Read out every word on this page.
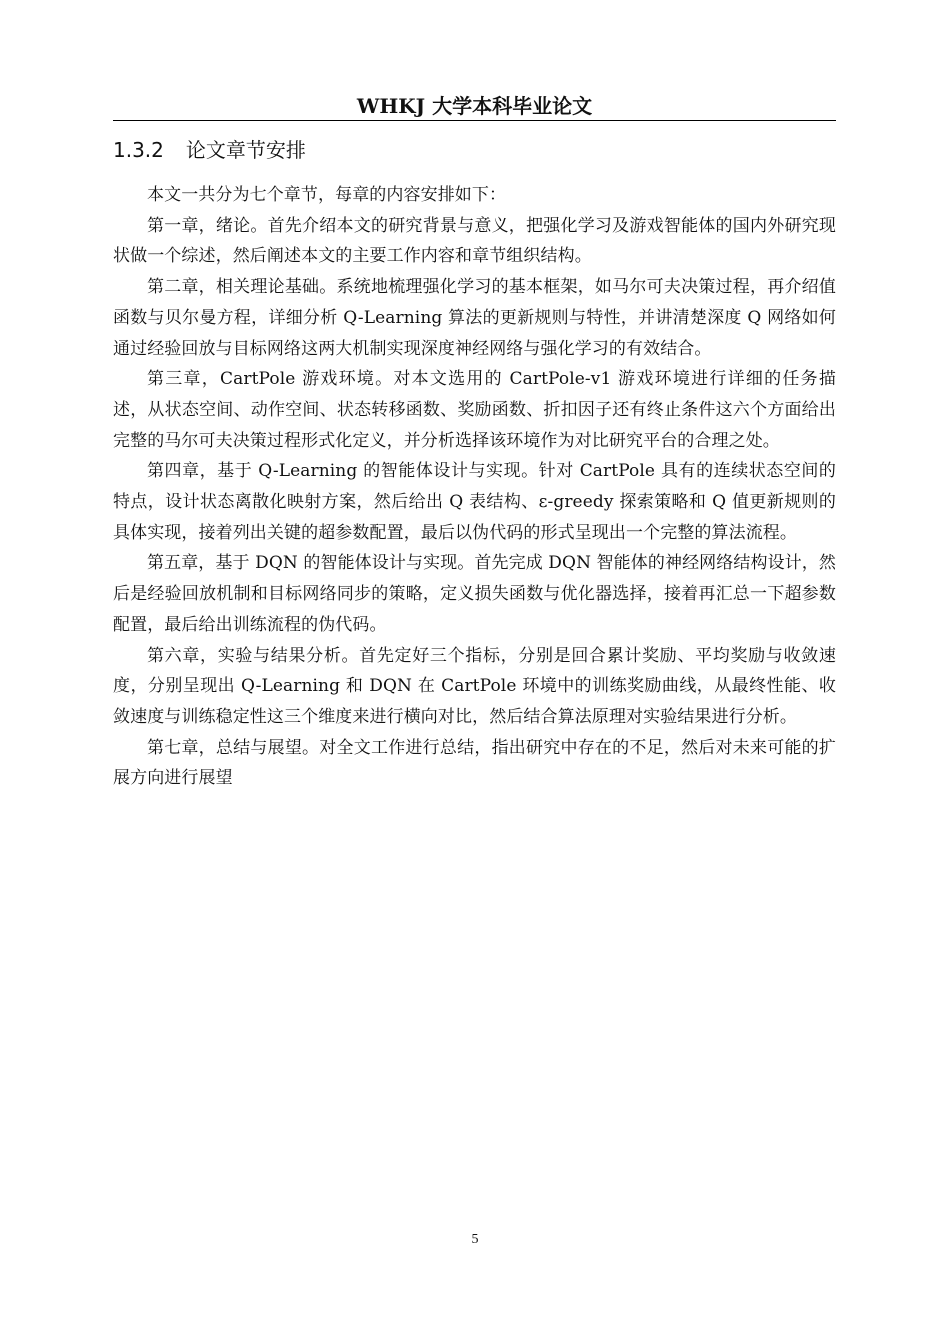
WHKJ 大学本科毕业论文
1.3.2 论文章节安排

本文一共分为七个章节，每章的内容安排如下：

第一章，绪论。首先介绍本文的研究背景与意义，把强化学习及游戏智能体的国内外研究现状做一个综述，然后阐述本文的主要工作内容和章节组织结构。

第二章，相关理论基础。系统地梳理强化学习的基本框架，如马尔可夫决策过程，再介绍值函数与贝尔曼方程，详细分析 Q-Learning 算法的更新规则与特性，并讲清楚深度 Q 网络如何通过经验回放与目标网络这两大机制实现深度神经网络与强化学习的有效结合。

第三章，CartPole 游戏环境。对本文选用的 CartPole-v1 游戏环境进行详细的任务描述，从状态空间、动作空间、状态转移函数、奖励函数、折扣因子还有终止条件这六个方面给出完整的马尔可夫决策过程形式化定义，并分析选择该环境作为对比研究平台的合理之处。

第四章，基于 Q-Learning 的智能体设计与实现。针对 CartPole 具有的连续状态空间的特点，设计状态离散化映射方案，然后给出 Q 表结构、ε-greedy 探索策略和 Q 值更新规则的具体实现，接着列出关键的超参数配置，最后以伪代码的形式呈现出一个完整的算法流程。

第五章，基于 DQN 的智能体设计与实现。首先完成 DQN 智能体的神经网络结构设计，然后是经验回放机制和目标网络同步的策略，定义损失函数与优化器选择，接着再汇总一下超参数配置，最后给出训练流程的伪代码。

第六章，实验与结果分析。首先定好三个指标，分别是回合累计奖励、平均奖励与收敛速度，分别呈现出 Q-Learning 和 DQN 在 CartPole 环境中的训练奖励曲线，从最终性能、收敛速度与训练稳定性这三个维度来进行横向对比，然后结合算法原理对实验结果进行分析。

第七章，总结与展望。对全文工作进行总结，指出研究中存在的不足，然后对未来可能的扩展方向进行展望

5
